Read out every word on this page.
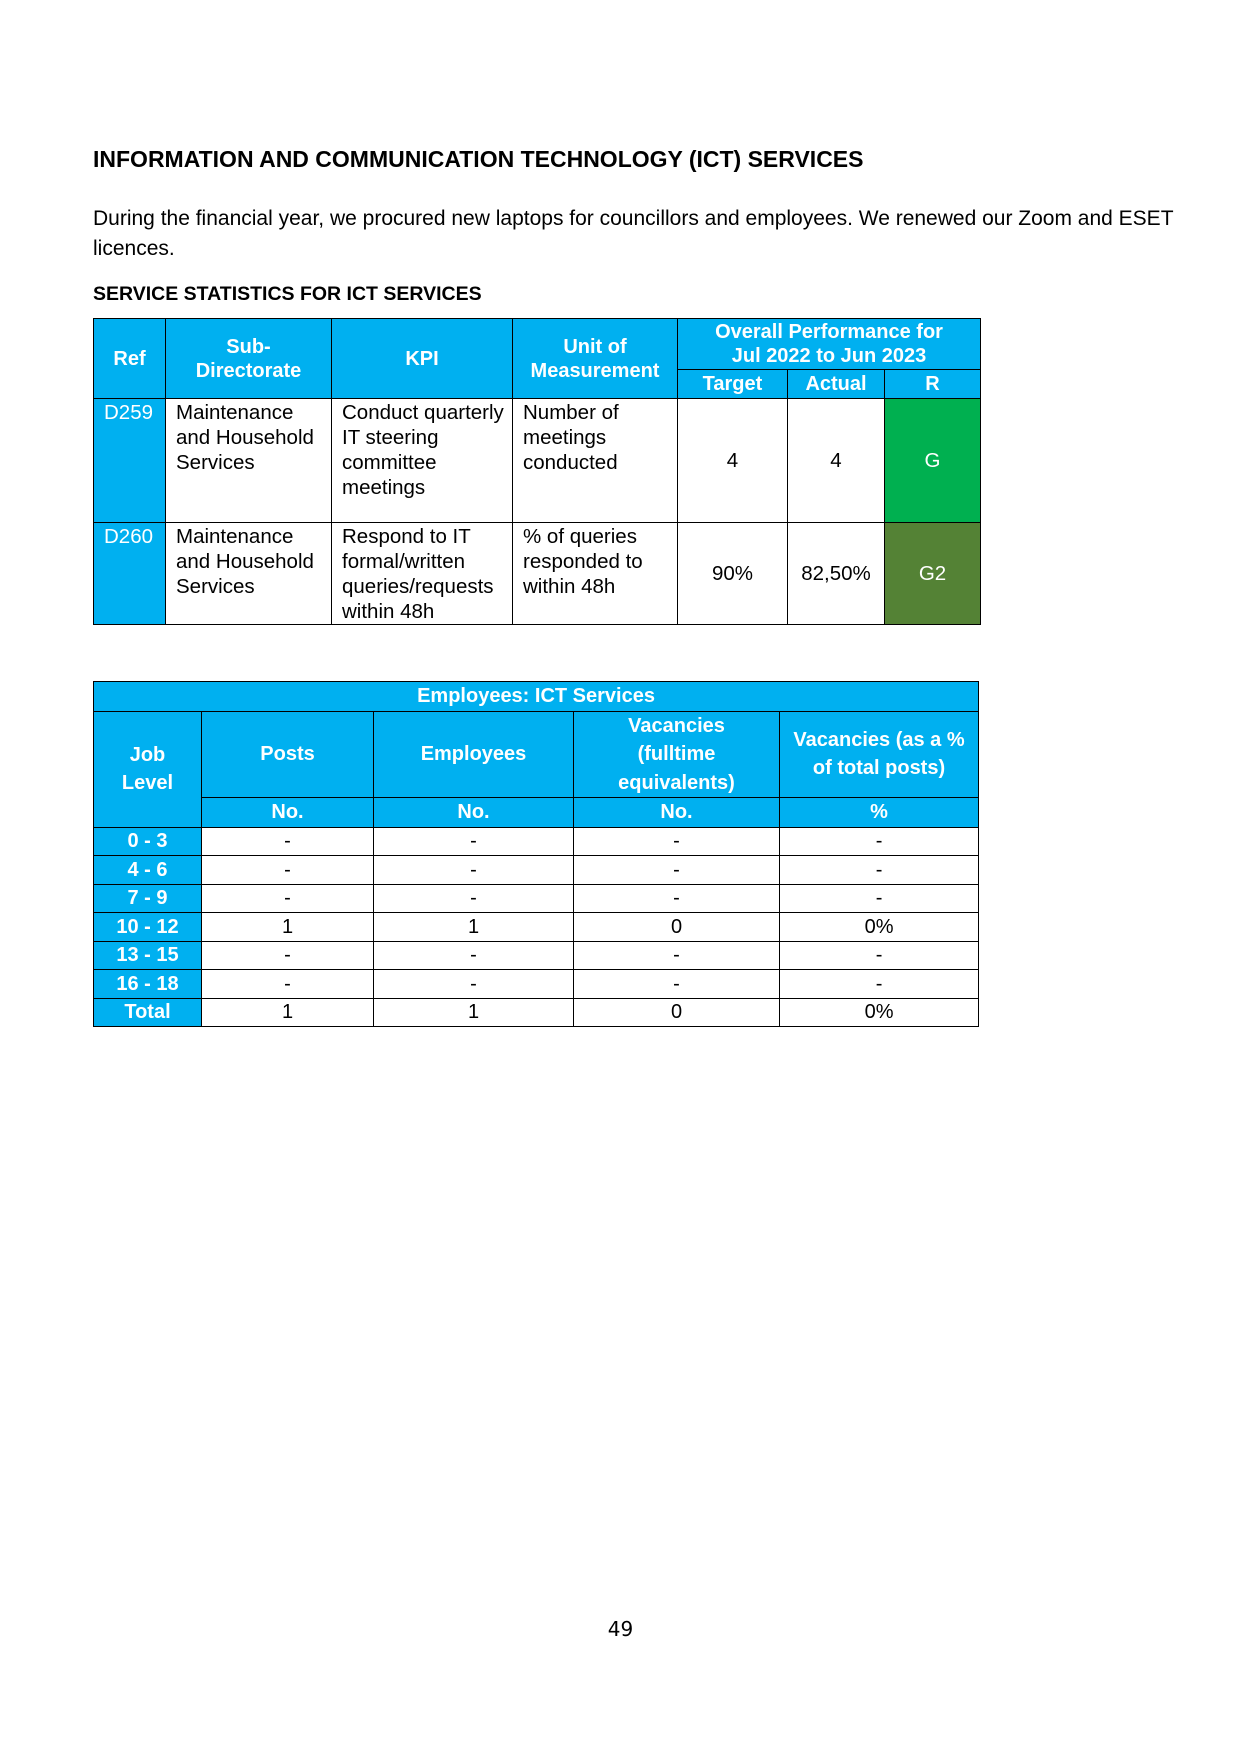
INFORMATION AND COMMUNICATION TECHNOLOGY (ICT) SERVICES

During the financial year, we procured new laptops for councillors and employees. We renewed our Zoom and ESET licences.

SERVICE STATISTICS FOR ICT SERVICES
Ref	Sub-Directorate	KPI	Unit of Measurement	Overall Performance for Jul 2022 to Jun 2023		
				Target	Actual	R
D259	Maintenance and Household Services	Conduct quarterly IT steering committee meetings	Number of meetings conducted	4	4	G
D260	Maintenance and Household Services	Respond to IT formal/written queries/requests within 48h	% of queries responded to within 48h	90%	82,50%	G2
Employees: ICT Services				
Job Level	Posts	Employees	Vacancies (fulltime equivalents)	Vacancies (as a % of total posts)
	No.	No.	No.	%
0 - 3	-	-	-	-
4 - 6	-	-	-	-
7 - 9	-	-	-	-
10 - 12	1	1	0	0%
13 - 15	-	-	-	-
16 - 18	-	-	-	-
Total	1	1	0	0%
49
